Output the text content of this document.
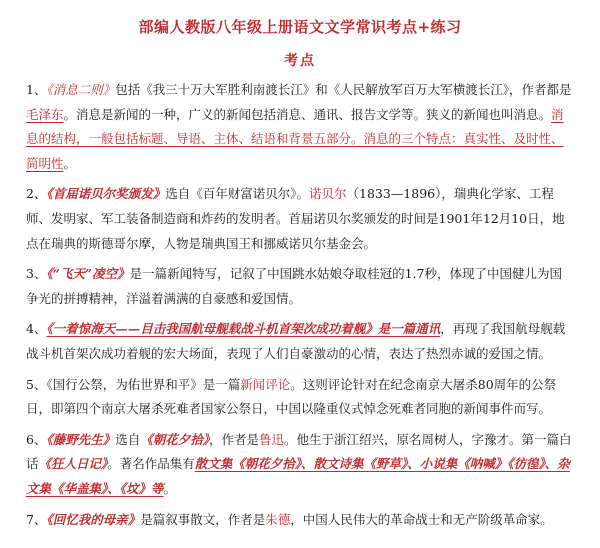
部编人教版八年级上册语文文学常识考点+练习
考点

1、《消息二则》包括《我三十万大军胜利南渡长江》和《人民解放军百万大军横渡长江》，作者都是毛泽东。消息是新闻的一种，广义的新闻包括消息、通讯、报告文学等。狭义的新闻也叫消息。消息的结构，一般包括标题、导语、主体、结语和背景五部分。消息的三个特点：真实性、及时性、简明性。

2、《首届诺贝尔奖颁发》选自《百年财富诺贝尔》。诺贝尔（1833—1896），瑞典化学家、工程师、发明家、军工装备制造商和炸药的发明者。首届诺贝尔奖颁发的时间是1901年12月10日，地点在瑞典的斯德哥尔摩，人物是瑞典国王和挪威诺贝尔基金会。

3、《“飞天”凌空》是一篇新闻特写，记叙了中国跳水姑娘夺取桂冠的1.7秒，体现了中国健儿为国争光的拼搏精神，洋溢着满满的自豪感和爱国情。

4、《一着惊海天——目击我国航母舰载战斗机首架次成功着舰》是一篇通讯，再现了我国航母舰载战斗机首架次成功着舰的宏大场面，表现了人们自豪激动的心情，表达了热烈赤诚的爱国之情。

5、《国行公祭，为佑世界和平》是一篇新闻评论。这则评论针对在纪念南京大屠杀80周年的公祭日，即第四个南京大屠杀死难者国家公祭日，中国以隆重仪式悼念死难者同胞的新闻事件而写。

6、《藤野先生》选自《朝花夕拾》，作者是鲁迅。他生于浙江绍兴，原名周树人，字豫才。第一篇白话《狂人日记》。著名作品集有散文集《朝花夕拾》、散文诗集《野草》、小说集《呐喊》《彷徨》、杂文集《华盖集》、《坟》等。

7、《回忆我的母亲》是篇叙事散文，作者是朱德，中国人民伟大的革命战士和无产阶级革命家。
